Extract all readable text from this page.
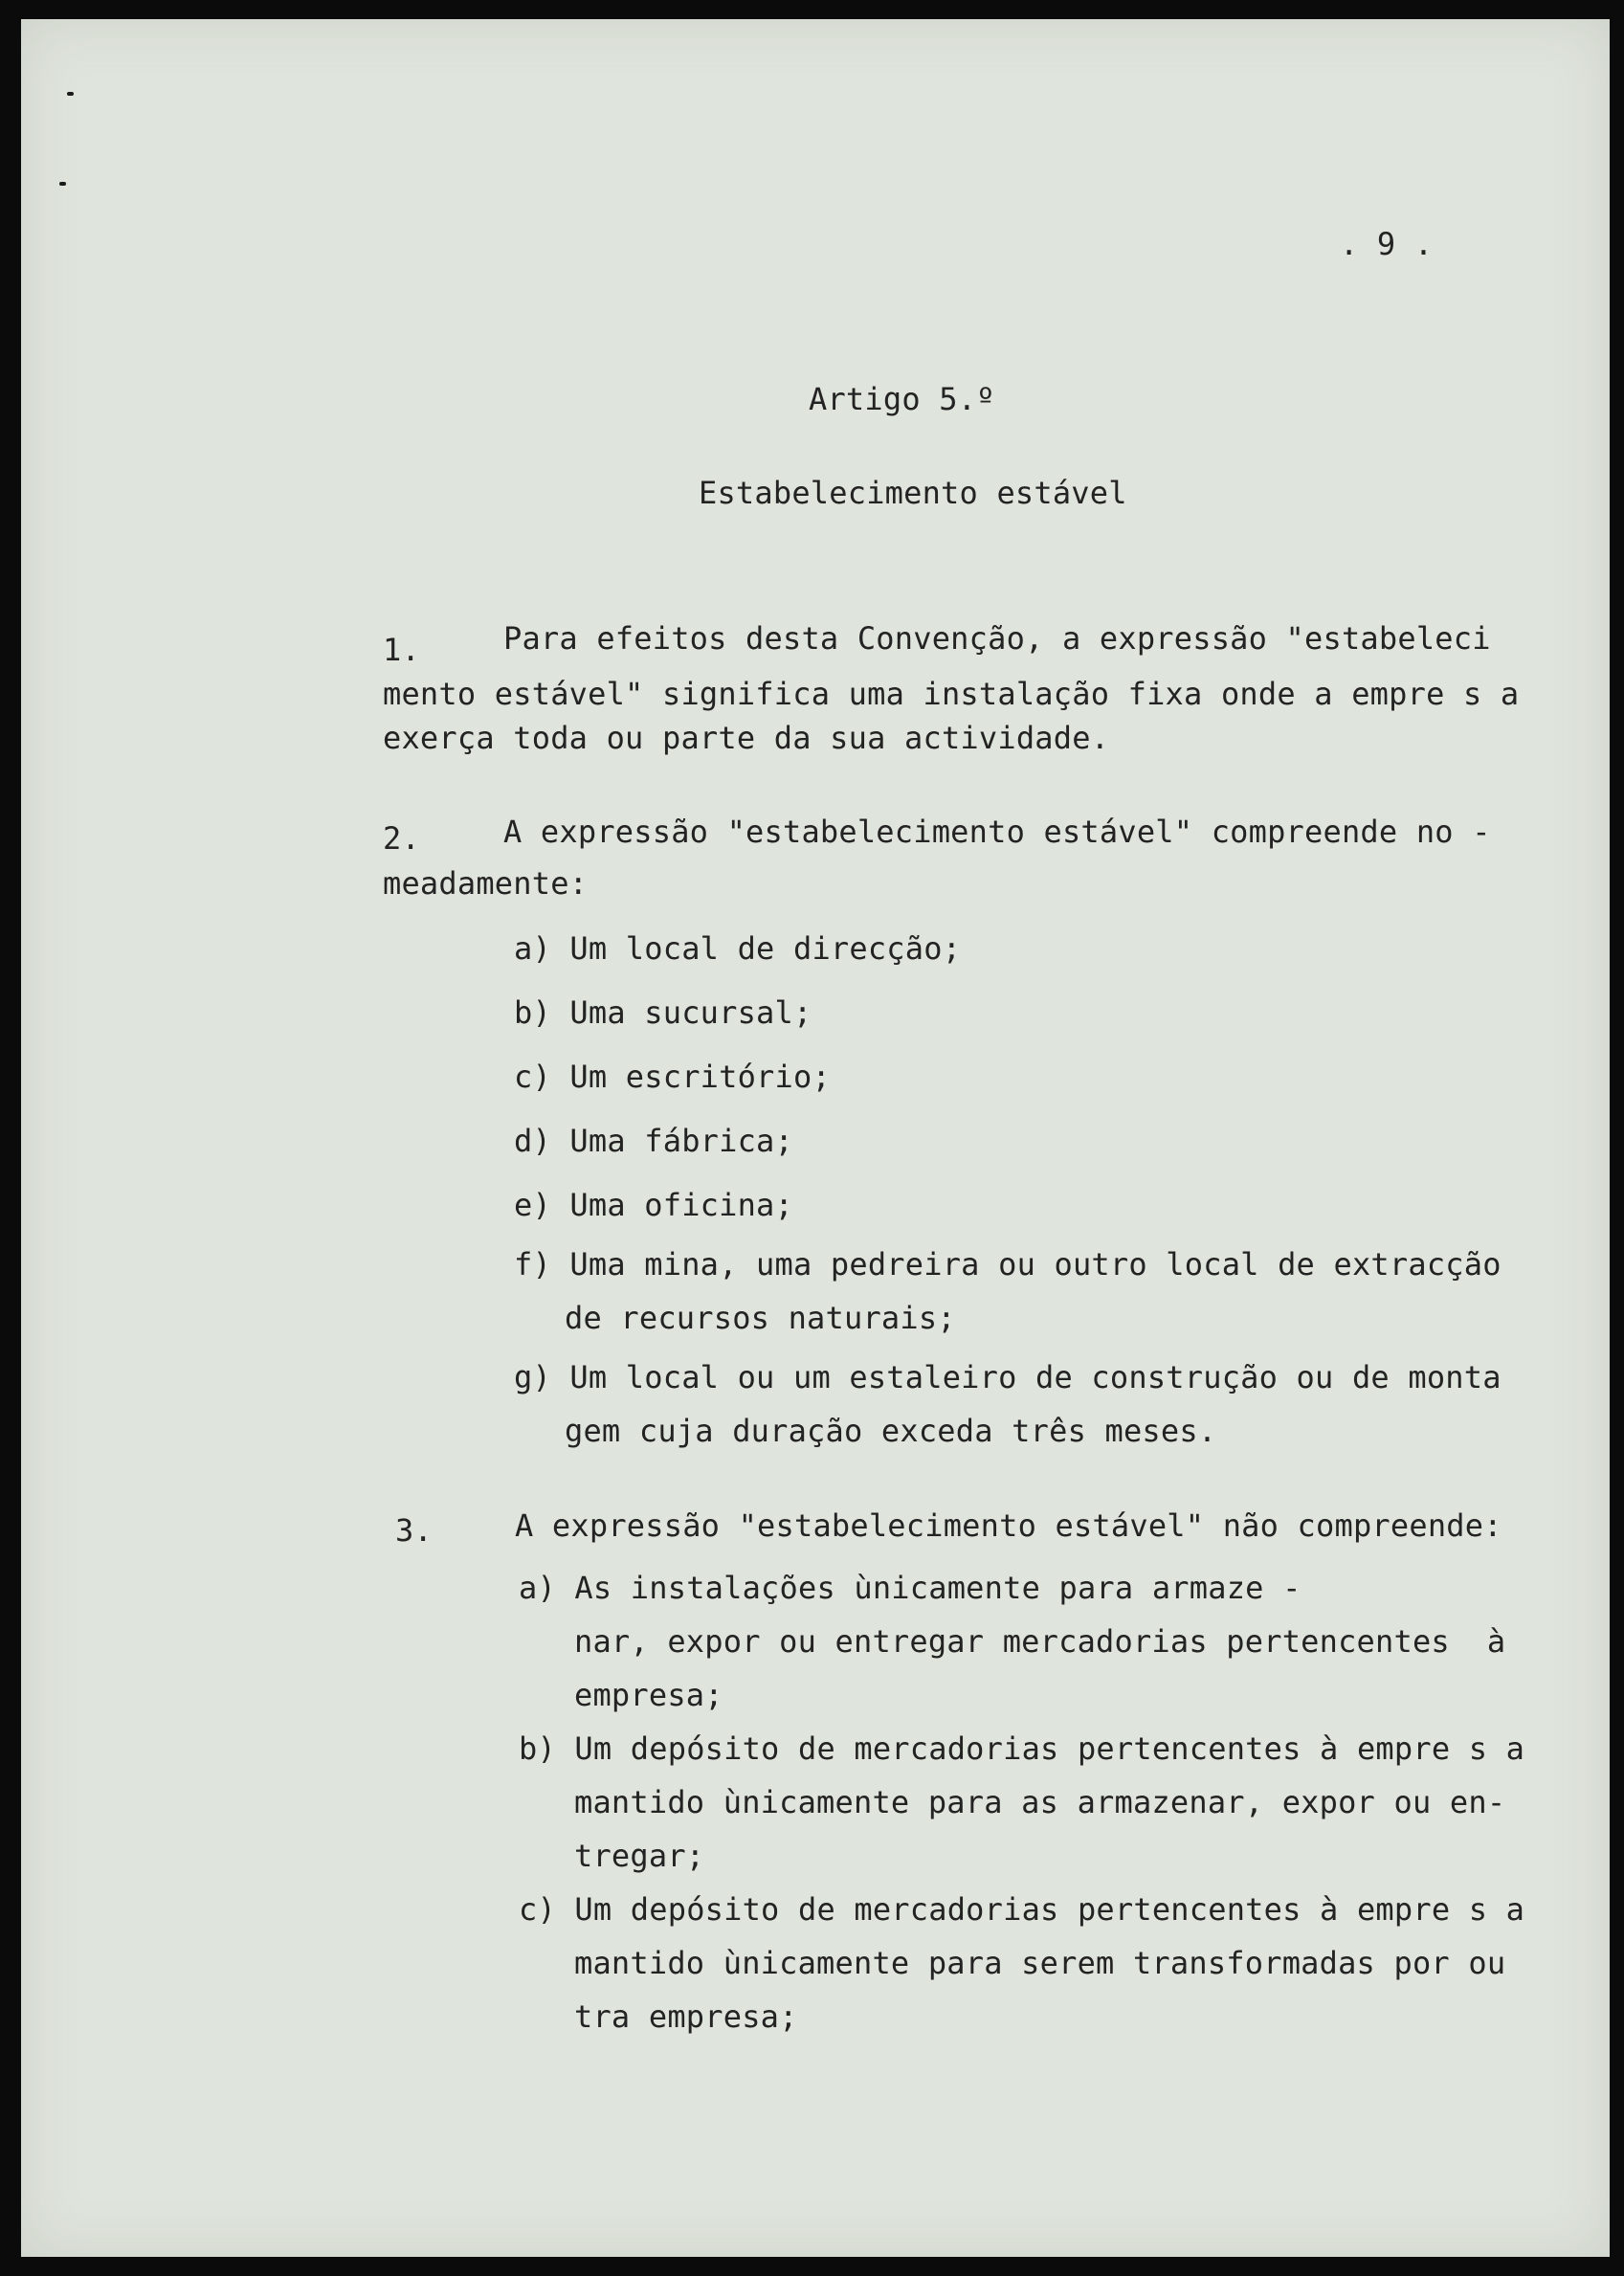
. 9 .
Artigo 5.º
Estabelecimento estável
1.	Para efeitos desta Convenção, a expressão "estabeleci
mento estável" significa uma instalação fixa onde a empre s a
exerça toda ou parte da sua actividade.
2.	A expressão "estabelecimento estável" compreende no -
meadamente:
a) Um local de direcção;
b) Uma sucursal;
c) Um escritório;
d) Uma fábrica;
e) Uma oficina;
f) Uma mina, uma pedreira ou outro local de extracção
de recursos naturais;
g) Um local ou um estaleiro de construção ou de monta
gem cuja duração exceda três meses.
3.	A expressão "estabelecimento estável" não compreende:
a) As instalações ùnicamente para armaze -
nar, expor ou entregar mercadorias pertencentes  à
empresa;
b) Um depósito de mercadorias pertencentes à empre s a
mantido ùnicamente para as armazenar, expor ou en-
tregar;
c) Um depósito de mercadorias pertencentes à empre s a
mantido ùnicamente para serem transformadas por ou
tra empresa;
